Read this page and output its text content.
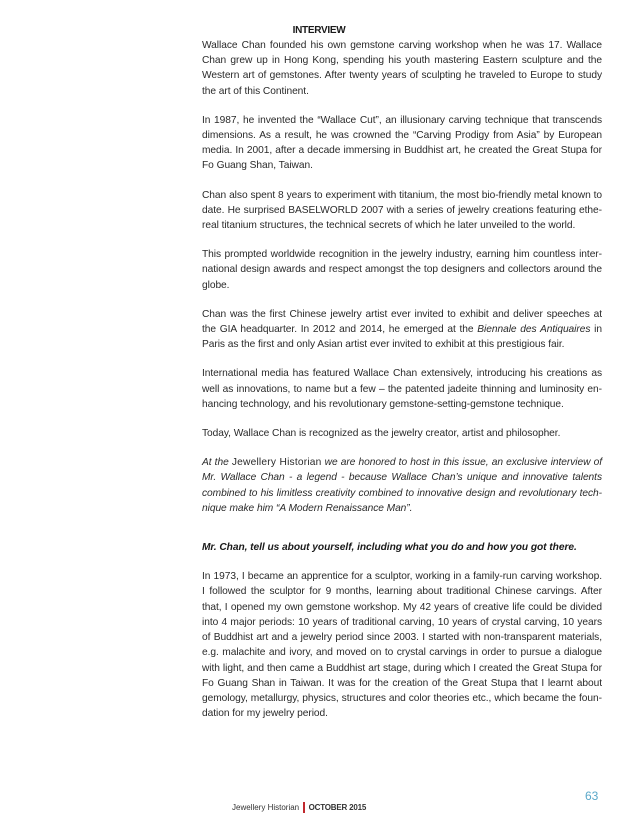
INTERVIEW

Wallace Chan founded his own gemstone carving workshop when he was 17. Wallace Chan grew up in Hong Kong, spending his youth mastering Eastern sculpture and the Western art of gemstones. After twenty years of sculpting he traveled to Europe to study the art of this Continent.

In 1987, he invented the “Wallace Cut”, an illusionary carving technique that transcends dimensions. As a result, he was crowned the “Carving Prodigy from Asia” by European media. In 2001, after a decade immersing in Buddhist art, he created the Great Stupa for Fo Guang Shan, Taiwan.

Chan also spent 8 years to experiment with titanium, the most bio-friendly metal known to date. He surprised BASELWORLD 2007 with a series of jewelry creations featuring ethe-real titanium structures, the technical secrets of which he later unveiled to the world.

This prompted worldwide recognition in the jewelry industry, earning him countless inter-national design awards and respect amongst the top designers and collectors around the globe.

Chan was the first Chinese jewelry artist ever invited to exhibit and deliver speeches at the GIA headquarter. In 2012 and 2014, he emerged at the Biennale des Antiquaires in Paris as the first and only Asian artist ever invited to exhibit at this prestigious fair.

International media has featured Wallace Chan extensively, introducing his creations as well as innovations, to name but a few – the patented jadeite thinning and luminosity en-hancing technology, and his revolutionary gemstone-setting-gemstone technique.

Today, Wallace Chan is recognized as the jewelry creator, artist and philosopher.

At the Jewellery Historian we are honored to host in this issue, an exclusive interview of Mr. Wallace Chan - a legend - because Wallace Chan’s unique and innovative talents combined to his limitless creativity combined to innovative design and revolutionary tech-nique make him “A Modern Renaissance Man”.

Mr. Chan, tell us about yourself, including what you do and how you got there.

In 1973, I became an apprentice for a sculptor, working in a family-run carving workshop. I followed the sculptor for 9 months, learning about traditional Chinese carvings. After that, I opened my own gemstone workshop. My 42 years of creative life could be divided into 4 major periods: 10 years of traditional carving, 10 years of crystal carving, 10 years of Buddhist art and a jewelry period since 2003. I started with non-transparent materials, e.g. malachite and ivory, and moved on to crystal carvings in order to pursue a dialogue with light, and then came a Buddhist art stage, during which I created the Great Stupa for Fo Guang Shan in Taiwan. It was for the creation of the Great Stupa that I learnt about gemology, metallurgy, physics, structures and color theories etc., which became the foun-dation for my jewelry period.

63
Jewellery Historian OCTOBER 2015
